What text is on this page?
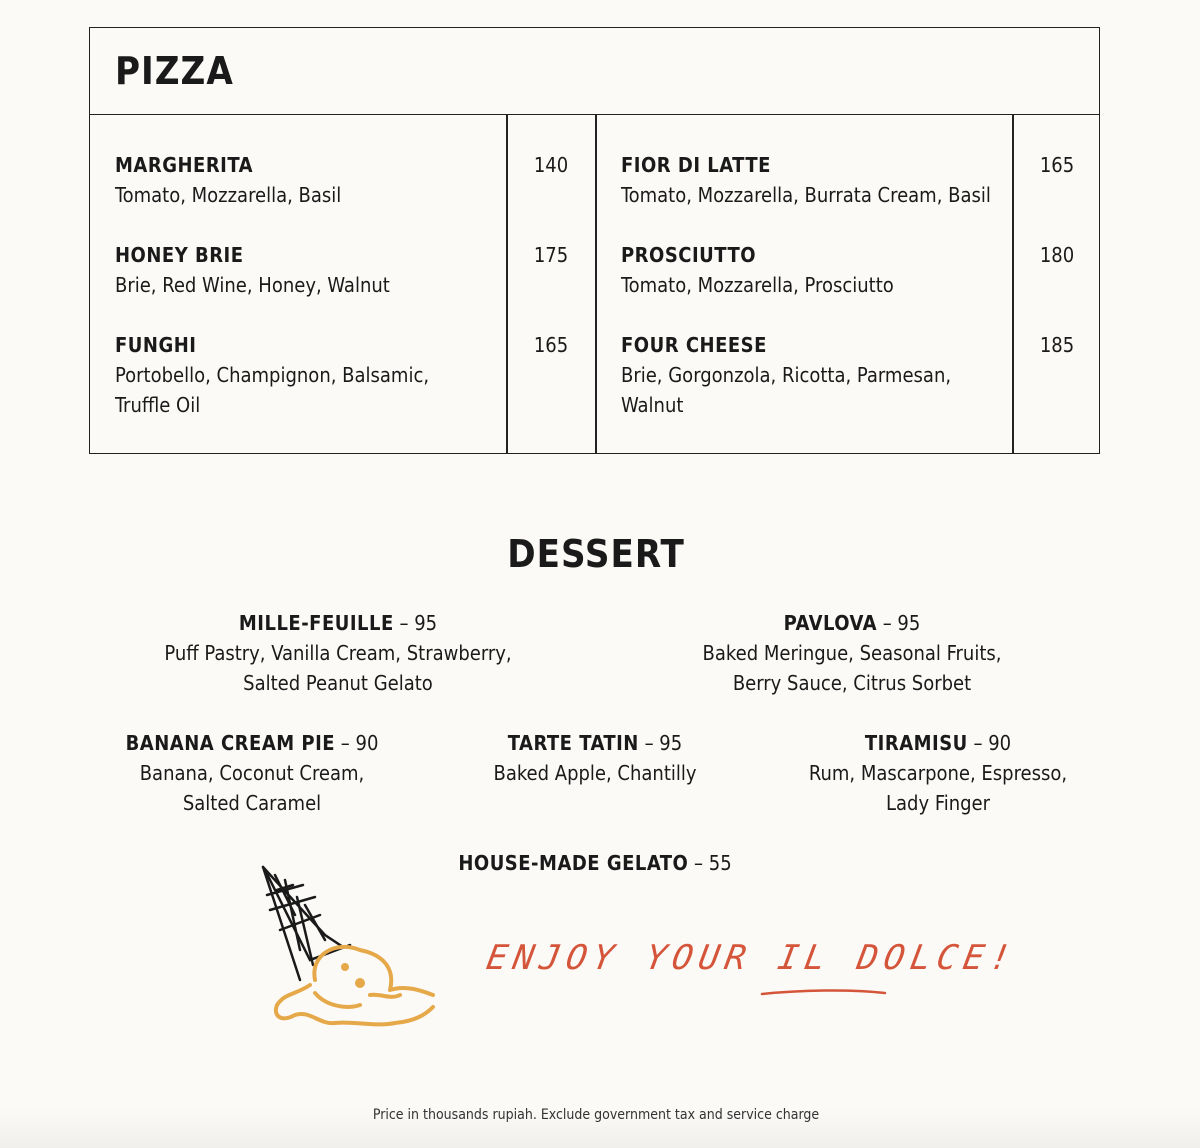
PIZZA
MARGHERITA
Tomato, Mozzarella, Basil
HONEY BRIE
Brie, Red Wine, Honey, Walnut
FUNGHI
Portobello, Champignon, Balsamic,
Truffle Oil
140
175
165
FIOR DI LATTE
Tomato, Mozzarella, Burrata Cream, Basil
PROSCIUTTO
Tomato, Mozzarella, Prosciutto
FOUR CHEESE
Brie, Gorgonzola, Ricotta, Parmesan,
Walnut
165
180
185
DESSERT
MILLE-FEUILLE – 95
Puff Pastry, Vanilla Cream, Strawberry,
Salted Peanut Gelato
PAVLOVA – 95
Baked Meringue, Seasonal Fruits,
Berry Sauce, Citrus Sorbet
BANANA CREAM PIE – 90
Banana, Coconut Cream,
Salted Caramel
TARTE TATIN – 95
Baked Apple, Chantilly
TIRAMISU – 90
Rum, Mascarpone, Espresso,
Lady Finger
HOUSE-MADE GELATO – 55
ENJOY YOUR IL DOLCE!
Price in thousands rupiah. Exclude government tax and service charge
